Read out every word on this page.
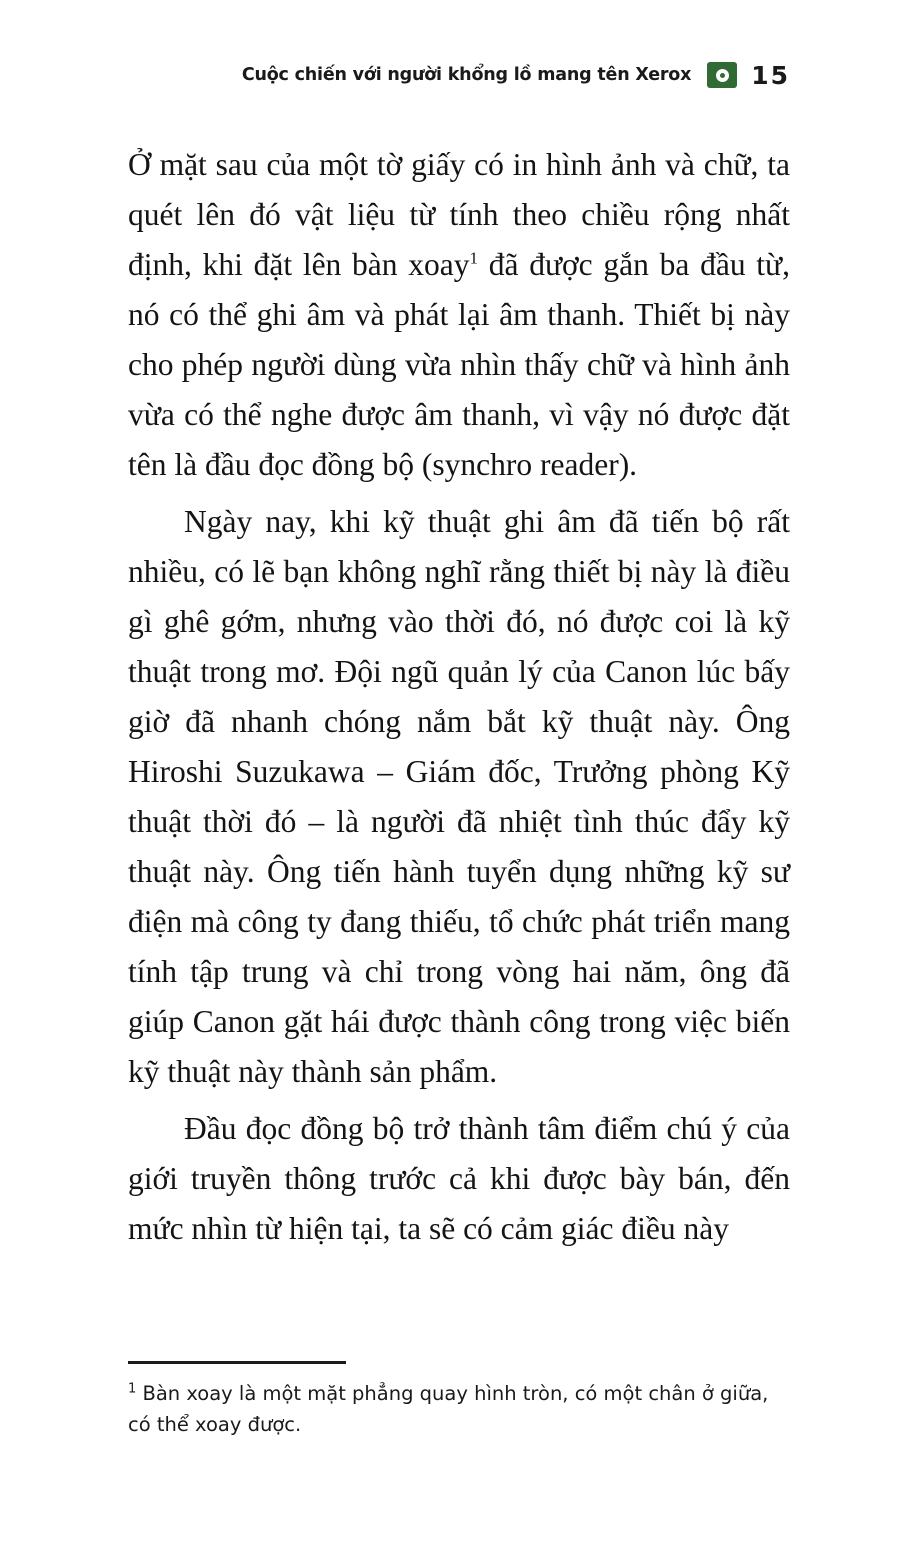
Cuộc chiến với người khổng lồ mang tên Xerox 15

Ở mặt sau của một tờ giấy có in hình ảnh và chữ, ta quét lên đó vật liệu từ tính theo chiều rộng nhất định, khi đặt lên bàn xoay$^1$ đã được gắn ba đầu từ, nó có thể ghi âm và phát lại âm thanh. Thiết bị này cho phép người dùng vừa nhìn thấy chữ và hình ảnh vừa có thể nghe được âm thanh, vì vậy nó được đặt tên là đầu đọc đồng bộ (synchro reader).

Ngày nay, khi kỹ thuật ghi âm đã tiến bộ rất nhiều, có lẽ bạn không nghĩ rằng thiết bị này là điều gì ghê gớm, nhưng vào thời đó, nó được coi là kỹ thuật trong mơ. Đội ngũ quản lý của Canon lúc bấy giờ đã nhanh chóng nắm bắt kỹ thuật này. Ông Hiroshi Suzukawa – Giám đốc, Trưởng phòng Kỹ thuật thời đó – là người đã nhiệt tình thúc đẩy kỹ thuật này. Ông tiến hành tuyển dụng những kỹ sư điện mà công ty đang thiếu, tổ chức phát triển mang tính tập trung và chỉ trong vòng hai năm, ông đã giúp Canon gặt hái được thành công trong việc biến kỹ thuật này thành sản phẩm.

Đầu đọc đồng bộ trở thành tâm điểm chú ý của giới truyền thông trước cả khi được bày bán, đến mức nhìn từ hiện tại, ta sẽ có cảm giác điều này

$^1$ Bàn xoay là một mặt phẳng quay hình tròn, có một chân ở giữa, có thể xoay được.
